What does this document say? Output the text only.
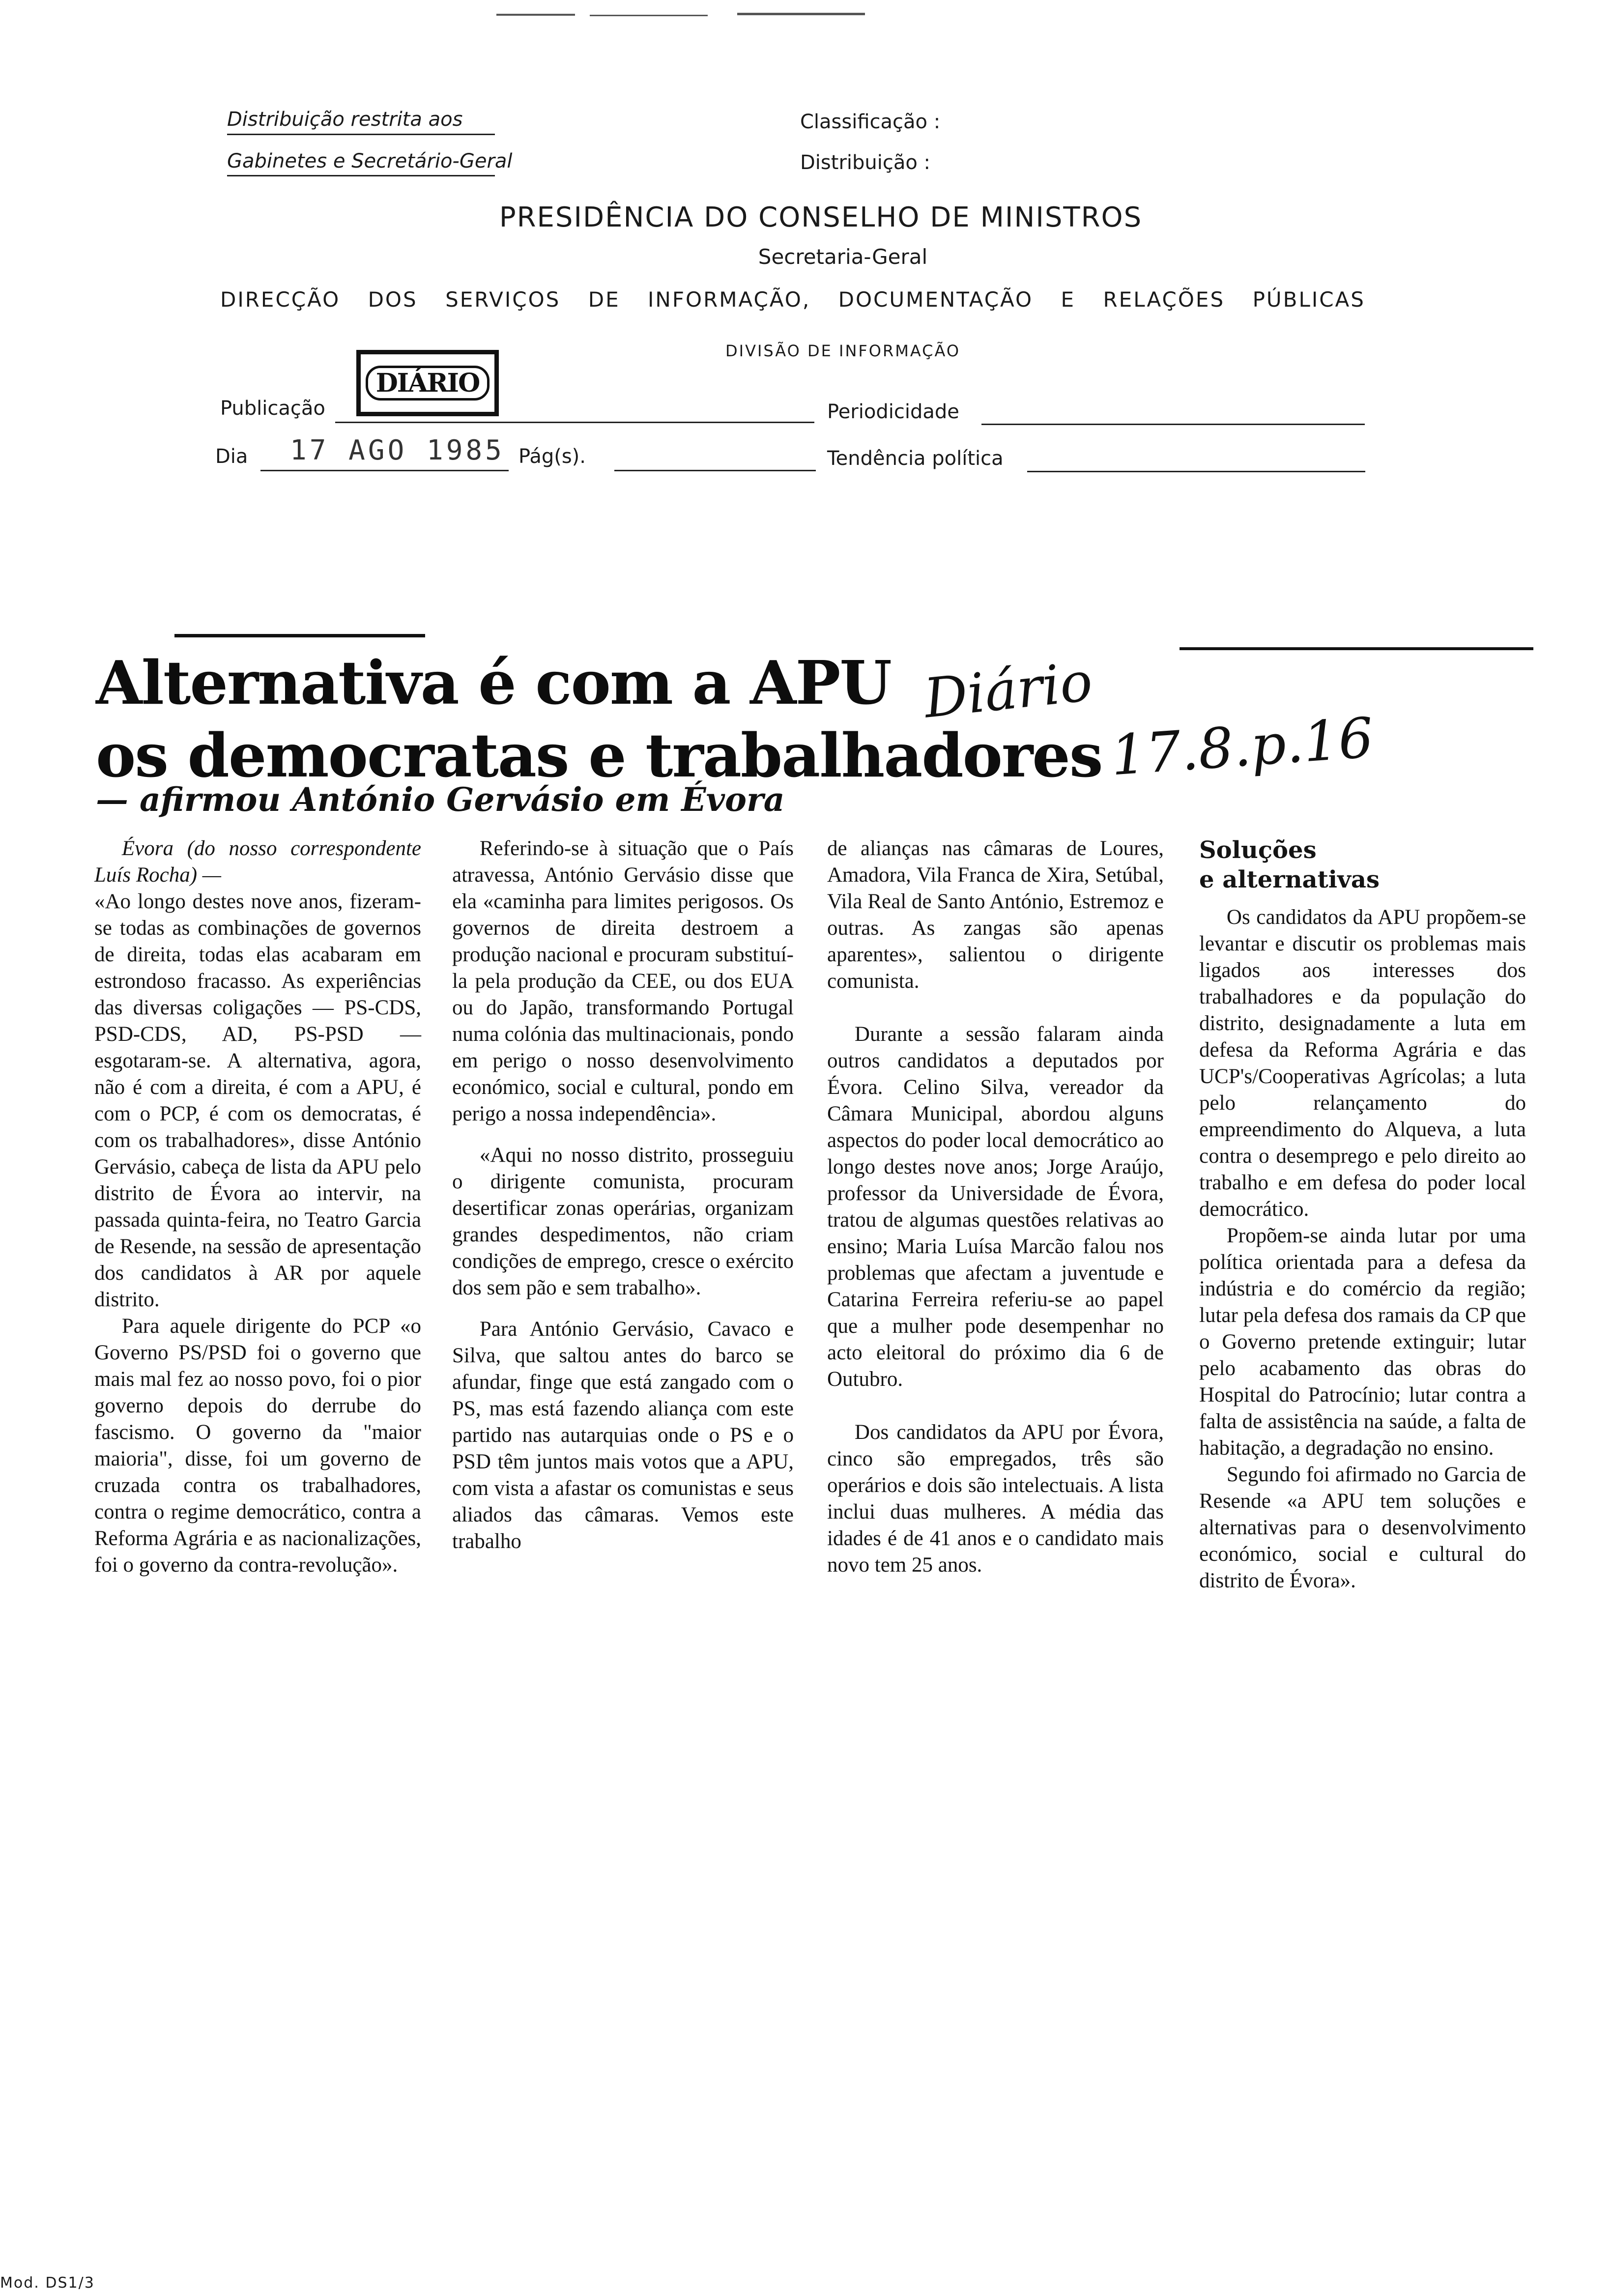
Distribuição restrita aos
Gabinetes e Secretário-Geral
Classificação :
Distribuição :
PRESIDÊNCIA DO CONSELHO DE MINISTROS
Secretaria-Geral
DIRECÇÃO DOS SERVIÇOS DE INFORMAÇÃO, DOCUMENTAÇÃO E RELAÇÕES PÚBLICAS
DIVISÃO DE INFORMAÇÃO
Publicação
DIÁRIO
Periodicidade
Dia 17 AGO 1985 Pág(s).	Tendência política
Alternativa é com a APU
os democratas e trabalhadores
Diário
17.8.p.16
— afirmou António Gervásio em Évora

Évora (do nosso correspondente Luís Rocha) —

«Ao longo destes nove anos, fizeram-se todas as combinações de governos de direita, todas elas acabaram em estrondoso fracasso. As experiências das diversas coligações — PS-CDS, PSD-CDS, AD, PS-PSD — esgotaram-se. A alternativa, agora, não é com a direita, é com a APU, é com o PCP, é com os democratas, é com os trabalhadores», disse António Gervásio, cabeça de lista da APU pelo distrito de Évora ao intervir, na passada quinta-feira, no Teatro Garcia de Resende, na sessão de apresentação dos candidatos à AR por aquele distrito.

Para aquele dirigente do PCP «o Governo PS/PSD foi o governo que mais mal fez ao nosso povo, foi o pior governo depois do derrube do fascismo. O governo da "maior maioria", disse, foi um governo de cruzada contra os trabalhadores, contra o regime democrático, contra a Reforma Agrária e as nacionalizações, foi o governo da contra-revolução».

Referindo-se à situação que o País atravessa, António Gervásio disse que ela «caminha para limites perigosos. Os governos de direita destroem a produção nacional e procuram substituí-la pela produção da CEE, ou dos EUA ou do Japão, transformando Portugal numa colónia das multinacionais, pondo em perigo o nosso desenvolvimento económico, social e cultural, pondo em perigo a nossa independência».

«Aqui no nosso distrito, prosseguiu o dirigente comunista, procuram desertificar zonas operárias, organizam grandes despedimentos, não criam condições de emprego, cresce o exército dos sem pão e sem trabalho».

Para António Gervásio, Cavaco e Silva, que saltou antes do barco se afundar, finge que está zangado com o PS, mas está fazendo aliança com este partido nas autarquias onde o PS e o PSD têm juntos mais votos que a APU, com vista a afastar os comunistas e seus aliados das câmaras. Vemos este trabalho

de alianças nas câmaras de Loures, Amadora, Vila Franca de Xira, Setúbal, Vila Real de Santo António, Estremoz e outras. As zangas são apenas aparentes», salientou o dirigente comunista.

Durante a sessão falaram ainda outros candidatos a deputados por Évora. Celino Silva, vereador da Câmara Municipal, abordou alguns aspectos do poder local democrático ao longo destes nove anos; Jorge Araújo, professor da Universidade de Évora, tratou de algumas questões relativas ao ensino; Maria Luísa Marcão falou nos problemas que afectam a juventude e Catarina Ferreira referiu-se ao papel que a mulher pode desempenhar no acto eleitoral do próximo dia 6 de Outubro.

Dos candidatos da APU por Évora, cinco são empregados, três são operários e dois são intelectuais. A lista inclui duas mulheres. A média das idades é de 41 anos e o candidato mais novo tem 25 anos.

Soluções
e alternativas

Os candidatos da APU propõem-se levantar e discutir os problemas mais ligados aos interesses dos trabalhadores e da população do distrito, designadamente a luta em defesa da Reforma Agrária e das UCP's/Cooperativas Agrícolas; a luta pelo relançamento do empreendimento do Alqueva, a luta contra o desemprego e pelo direito ao trabalho e em defesa do poder local democrático.

Propõem-se ainda lutar por uma política orientada para a defesa da indústria e do comércio da região; lutar pela defesa dos ramais da CP que o Governo pretende extinguir; lutar pelo acabamento das obras do Hospital do Patrocínio; lutar contra a falta de assistência na saúde, a falta de habitação, a degradação no ensino.

Segundo foi afirmado no Garcia de Resende «a APU tem soluções e alternativas para o desenvolvimento económico, social e cultural do distrito de Évora».

Mod. DS1/3
